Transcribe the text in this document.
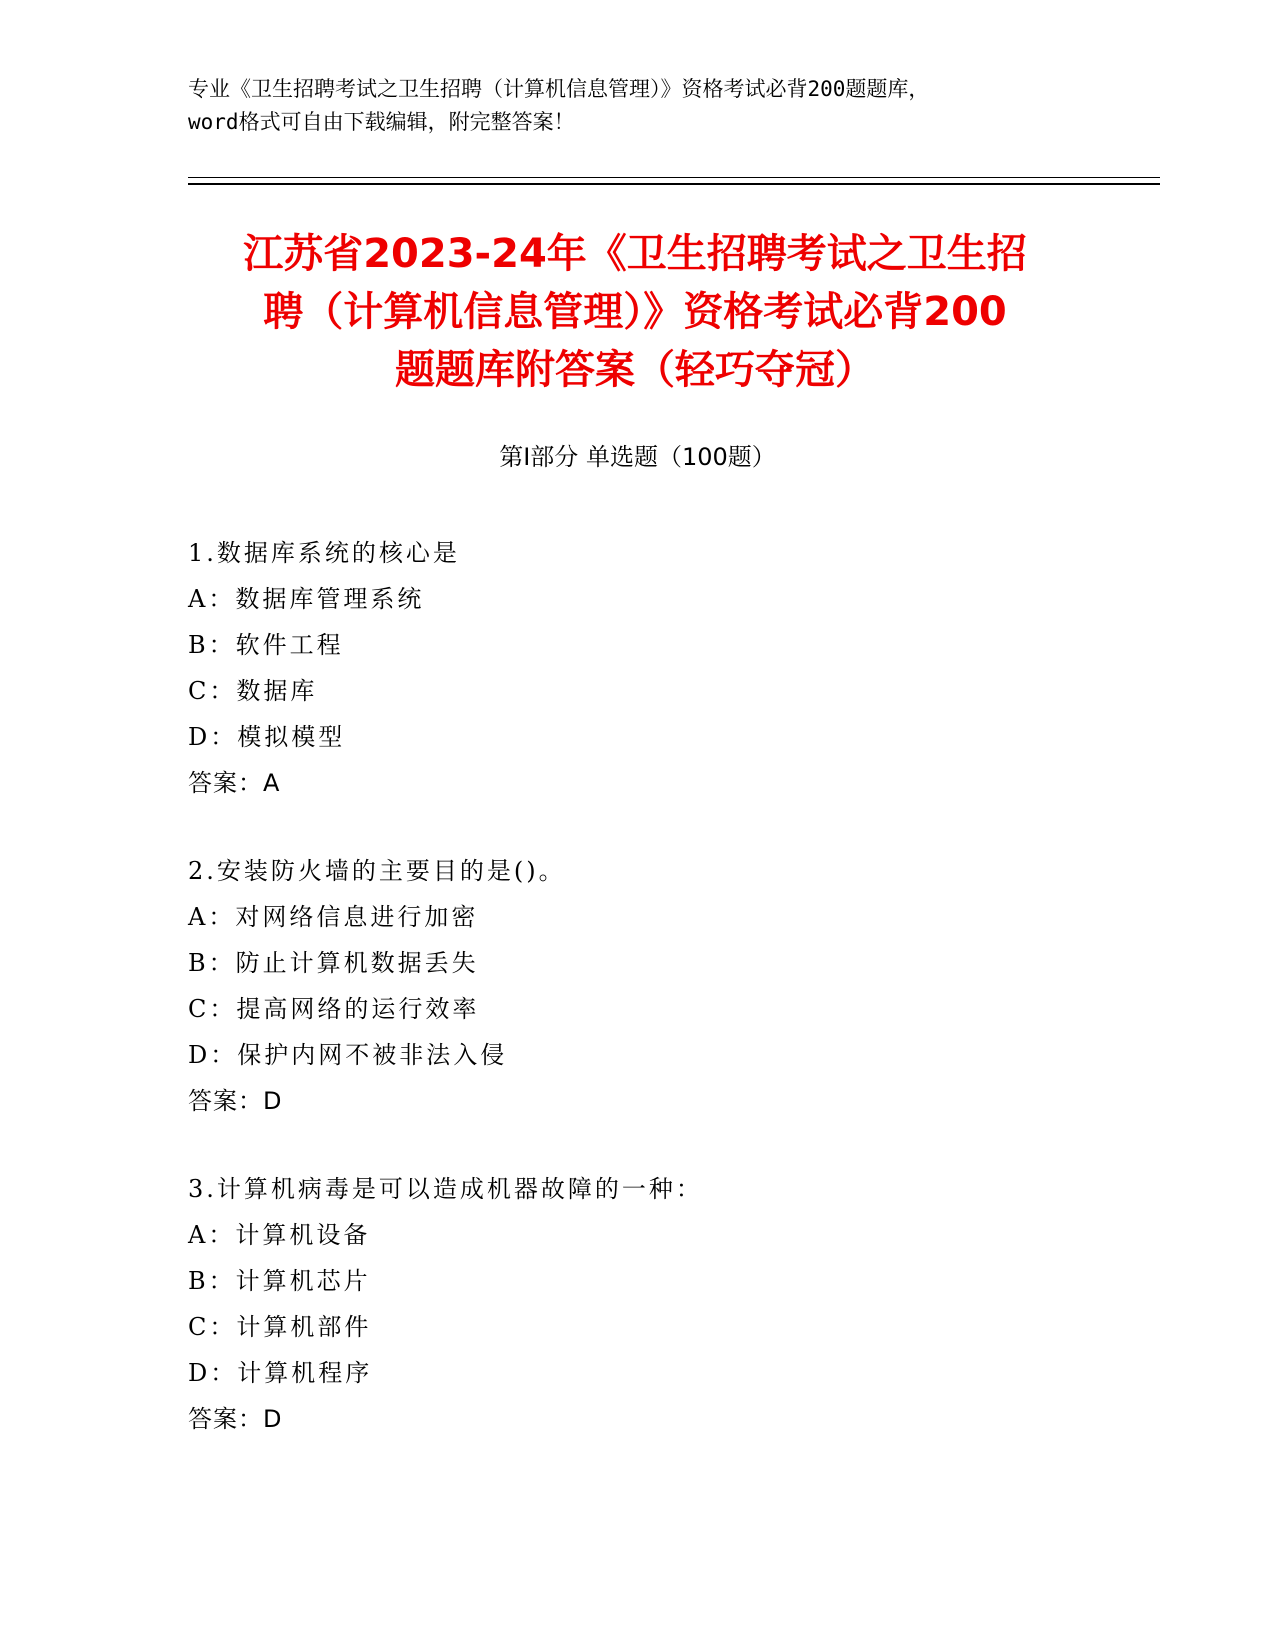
专业《卫生招聘考试之卫生招聘（计算机信息管理）》资格考试必背200题题库，
word格式可自由下载编辑，附完整答案！
江苏省2023-24年《卫生招聘考试之卫生招
聘（计算机信息管理）》资格考试必背200
题题库附答案（轻巧夺冠）
第Ⅰ部分 单选题（100题）
1.数据库系统的核心是
A：数据库管理系统
B：软件工程
C：数据库
D：模拟模型
答案：A
2.安装防火墙的主要目的是()。
A：对网络信息进行加密
B：防止计算机数据丢失
C：提高网络的运行效率
D：保护内网不被非法入侵
答案：D
3.计算机病毒是可以造成机器故障的一种：
A：计算机设备
B：计算机芯片
C：计算机部件
D：计算机程序
答案：D
